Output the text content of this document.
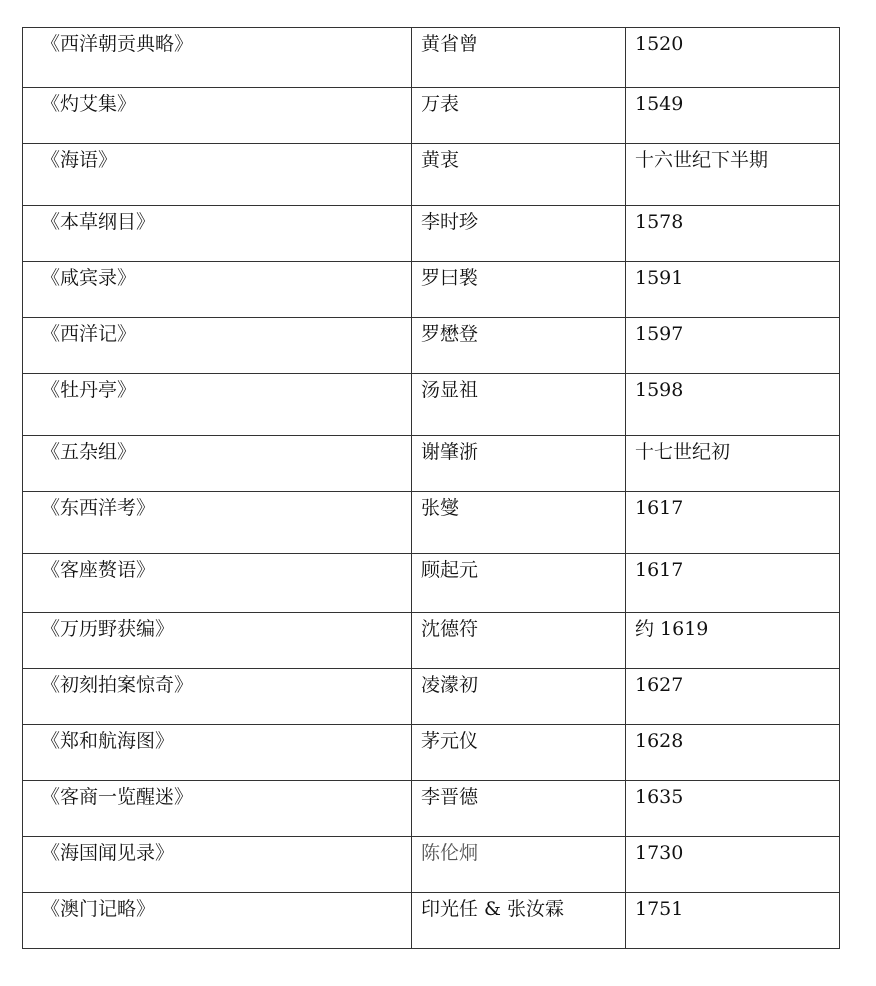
《西洋朝贡典略》	黄省曾	1520
《灼艾集》	万表	1549
《海语》	黄衷	十六世纪下半期
《本草纲目》	李时珍	1578
《咸宾录》	罗曰褧	1591
《西洋记》	罗懋登	1597
《牡丹亭》	汤显祖	1598
《五杂组》	谢肇浙	十七世纪初
《东西洋考》	张燮	1617
《客座赘语》	顾起元	1617
《万历野获编》	沈德符	约 1619
《初刻拍案惊奇》	凌濛初	1627
《郑和航海图》	茅元仪	1628
《客商一览醒迷》	李晋德	1635
《海国闻见录》	陈伦炯	1730
《澳门记略》	印光任 & 张汝霖	1751
